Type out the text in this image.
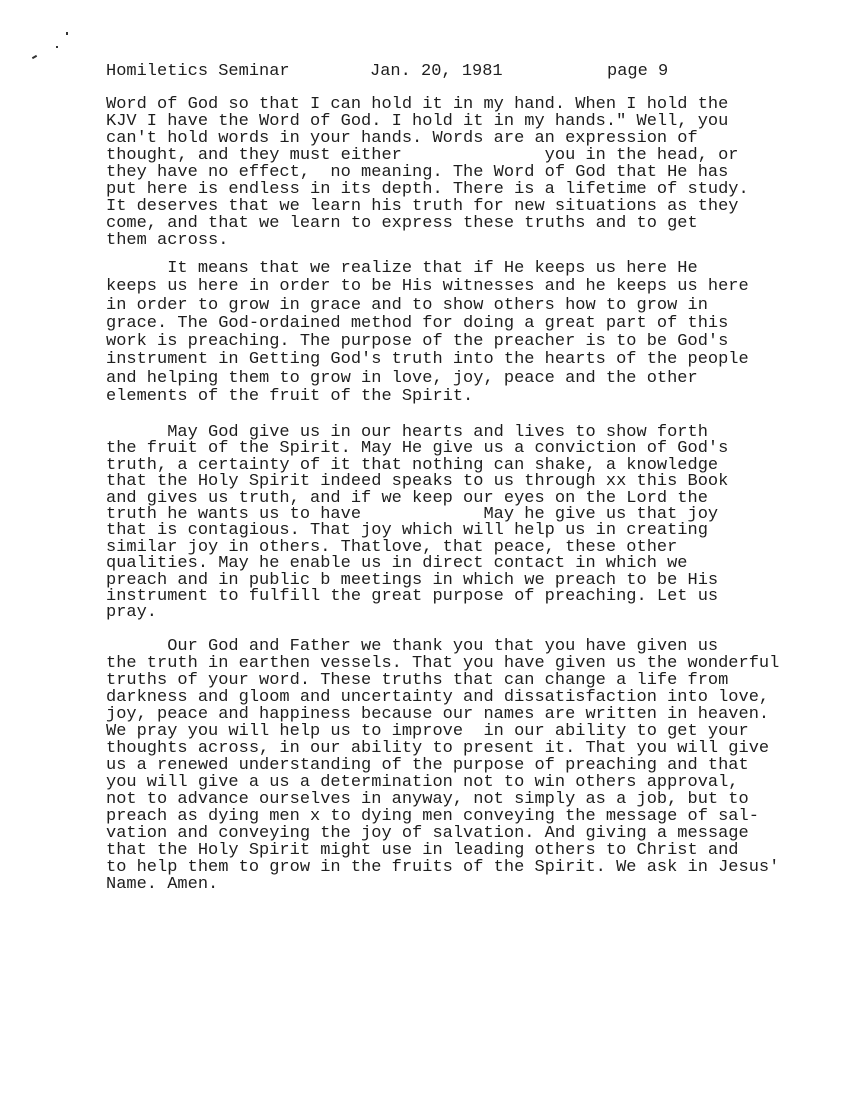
Homiletics Seminar	Jan. 20, 1981	page 9
Word of God so that I can hold it in my hand. When I hold the
KJV I have the Word of God. I hold it in my hands." Well, you
can't hold words in your hands. Words are an expression of
thought, and they must either              you in the head, or
they have no effect,  no meaning. The Word of God that He has
put here is endless in its depth. There is a lifetime of study.
It deserves that we learn his truth for new situations as they
come, and that we learn to express these truths and to get
them across.
It means that we realize that if He keeps us here He
keeps us here in order to be His witnesses and he keeps us here
in order to grow in grace and to show others how to grow in
grace. The God-ordained method for doing a great part of this
work is preaching. The purpose of the preacher is to be God's
instrument in Getting God's truth into the hearts of the people
and helping them to grow in love, joy, peace and the other
elements of the fruit of the Spirit.
May God give us in our hearts and lives to show forth
the fruit of the Spirit. May He give us a conviction of God's
truth, a certainty of it that nothing can shake, a knowledge
that the Holy Spirit indeed speaks to us through xx this Book
and gives us truth, and if we keep our eyes on the Lord the
truth he wants us to have            May he give us that joy
that is contagious. That joy which will help us in creating
similar joy in others. Thatlove, that peace, these other
qualities. May he enable us in direct contact in which we
preach and in public b meetings in which we preach to be His
instrument to fulfill the great purpose of preaching. Let us
pray.
Our God and Father we thank you that you have given us
the truth in earthen vessels. That you have given us the wonderful
truths of your word. These truths that can change a life from
darkness and gloom and uncertainty and dissatisfaction into love,
joy, peace and happiness because our names are written in heaven.
We pray you will help us to improve  in our ability to get your
thoughts across, in our ability to present it. That you will give
us a renewed understanding of the purpose of preaching and that
you will give a us a determination not to win others approval,
not to advance ourselves in anyway, not simply as a job, but to
preach as dying men x to dying men conveying the message of sal-
vation and conveying the joy of salvation. And giving a message
that the Holy Spirit might use in leading others to Christ and
to help them to grow in the fruits of the Spirit. We ask in Jesus'
Name. Amen.
